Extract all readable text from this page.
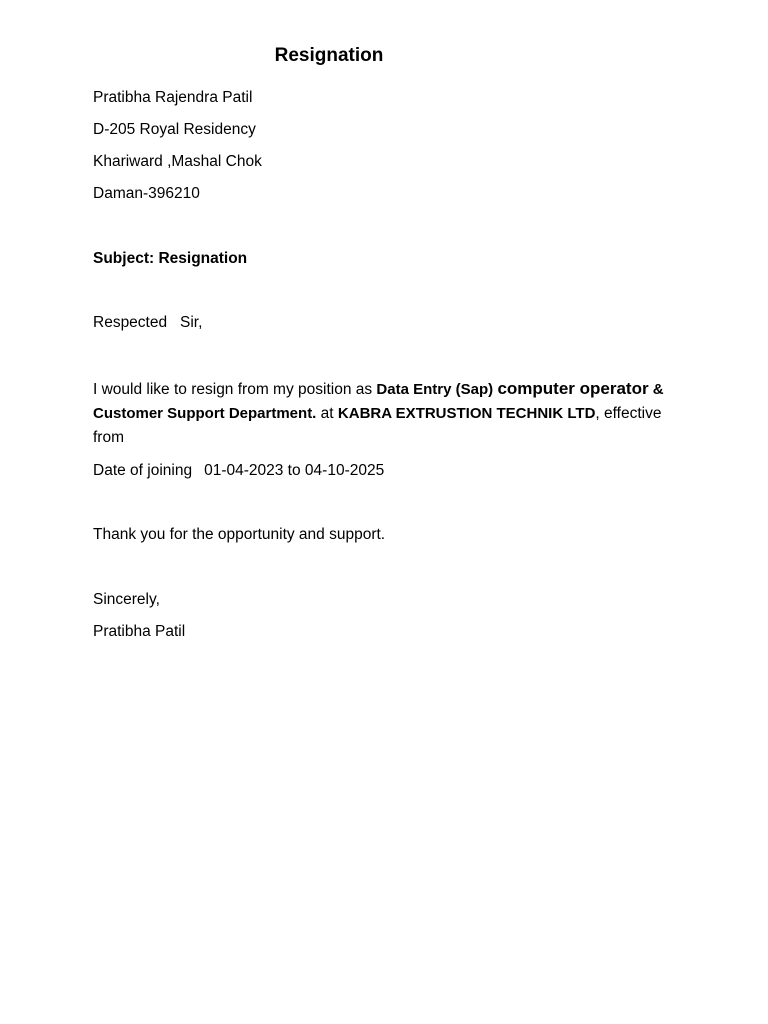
Resignation
Pratibha Rajendra Patil
D-205 Royal Residency
Khariward ,Mashal Chok
Daman-396210
Subject: Resignation
Respected   Sir,
I would like to resign from my position as Data Entry (Sap) computer operator & Customer Support Department. at KABRA EXTRUSTION TECHNIK LTD, effective from
Date of joining 01-04-2023 to 04-10-2025
Thank you for the opportunity and support.
Sincerely,
Pratibha Patil
